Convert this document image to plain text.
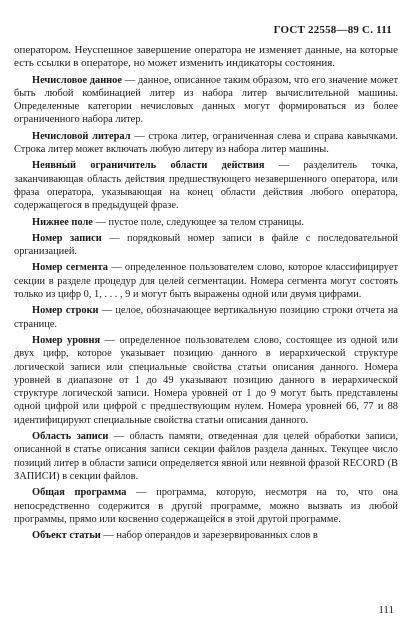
ГОСТ 22558—89 С. 111

оператором. Неуспешное завершение оператора не изменяет данные, на которые есть ссылки в операторе, но может изменить индикаторы состояния.

Нечисловое данное — данное, описанное таким образом, что его значение может быть любой комбинацией литер из набора литер вычислительной машины. Определенные категории нечисловых данных могут формироваться из более ограниченного набора литер.

Нечисловой литерал — строка литер, ограниченная слева и справа кавычками. Строка литер может включать любую литеру из набора литер машины.

Неявный ограничитель области действия — разделитель точка, заканчивающая область действия предшествующего незавершенного оператора, или фраза оператора, указывающая на конец области действия любого оператора, содержащегося в предыдущей фразе.

Нижнее поле — пустое поле, следующее за телом страницы.

Номер записи — порядковый номер записи в файле с последовательной организацией.

Номер сегмента — определенное пользователем слово, которое классифицирует секции в разделе процедур для целей сегментации. Номера сегмента могут состоять только из цифр 0, 1, . . . , 9 и могут быть выражены одной или двумя цифрами.

Номер строки — целое, обозначающее вертикальную позицию строки отчета на странице.

Номер уровня — определенное пользователем слово, состоящее из одной или двух цифр, которое указывает позицию данного в иерархической структуре логической записи или специальные свойства статьи описания данного. Номера уровней в диапазоне от 1 до 49 указывают позицию данного в иерархической структуре логической записи. Номера уровней от 1 до 9 могут быть представлены одной цифрой или цифрой с предшествующим нулем. Номера уровней 66, 77 и 88 идентифицируют специальные свойства статьи описания данного.

Область записи — область памяти, отведенная для целей обработки записи, описанной в статье описания записи секции файлов раздела данных. Текущее число позиций литер в области записи определяется явной или неявной фразой RECORD (В ЗАПИСИ) в секции файлов.

Общая программа — программа, которую, несмотря на то, что она непосредственно содержится в другой программе, можно вызвать из любой программы, прямо или косвенно содержащейся в этой другой программе.

Объект статьи — набор операндов и зарезервированных слов в

111
